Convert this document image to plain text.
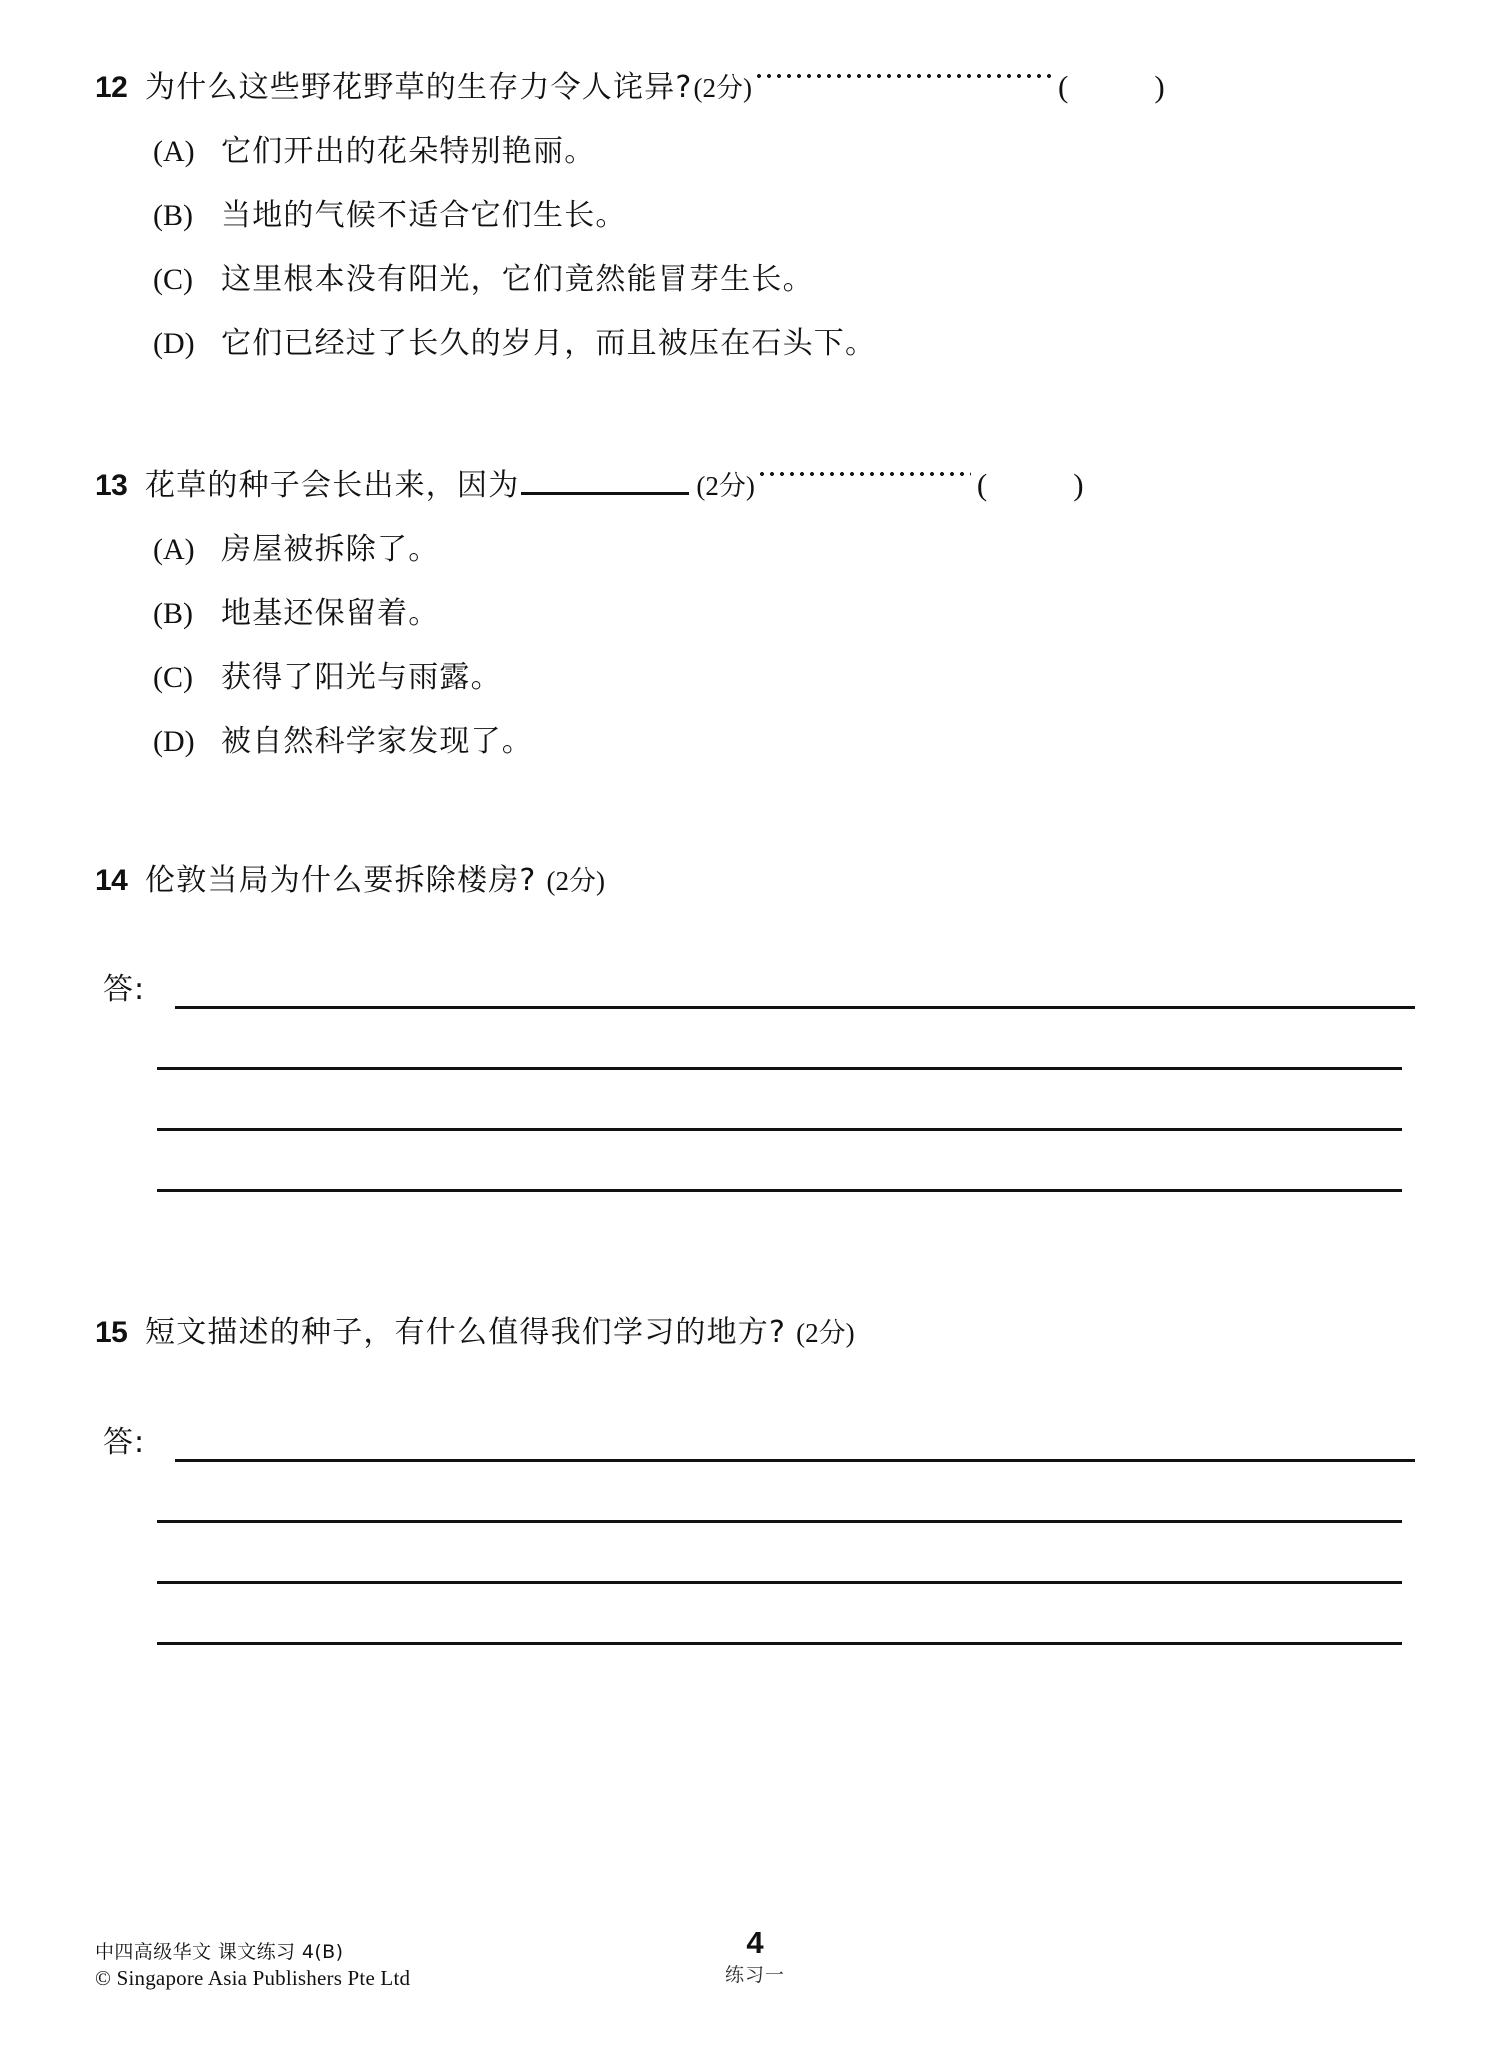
12 为什么这些野花野草的生存力令人诧异? (2分)	(	)
(A) 它们开出的花朵特别艳丽。
(B) 当地的气候不适合它们生长。
(C) 这里根本没有阳光，它们竟然能冒芽生长。
(D) 它们已经过了长久的岁月，而且被压在石头下。
13 花草的种子会长出来，因为	(2分)	(	)
(A) 房屋被拆除了。
(B) 地基还保留着。
(C) 获得了阳光与雨露。
(D) 被自然科学家发现了。
14 伦敦当局为什么要拆除楼房? (2分)
答:
15 短文描述的种子，有什么值得我们学习的地方? (2分)
答:
中四高级华文 课文练习 4(B)
© Singapore Asia Publishers Pte Ltd
4
练习一
